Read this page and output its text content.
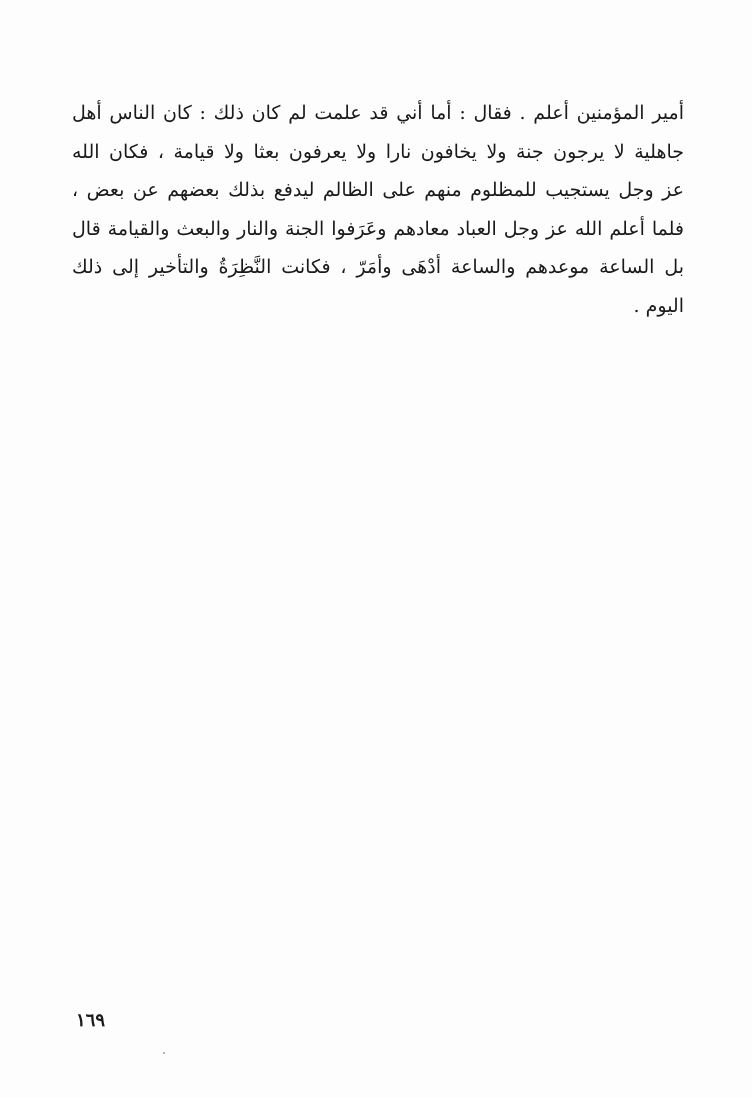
أمير المؤمنين أعلم . فقال : أما أني قد علمت لم كان ذلك : كان الناس أهل
جاهلية لا يرجون جنة ولا يخافون نارا ولا يعرفون بعثا ولا قيامة ، فكان الله
عز وجل يستجيب للمظلوم منهم على الظالم ليدفع بذلك بعضهم عن بعض ،
فلما أعلم الله عز وجل العباد معادهم وعَرَفوا الجنة والنار والبعث والقيامة قال
بل الساعة موعدهم والساعة أدْهَى وأمَرّ ، فكانت النَّظِرَةُ والتأخير إلى ذلك
اليوم .
١٦٩
